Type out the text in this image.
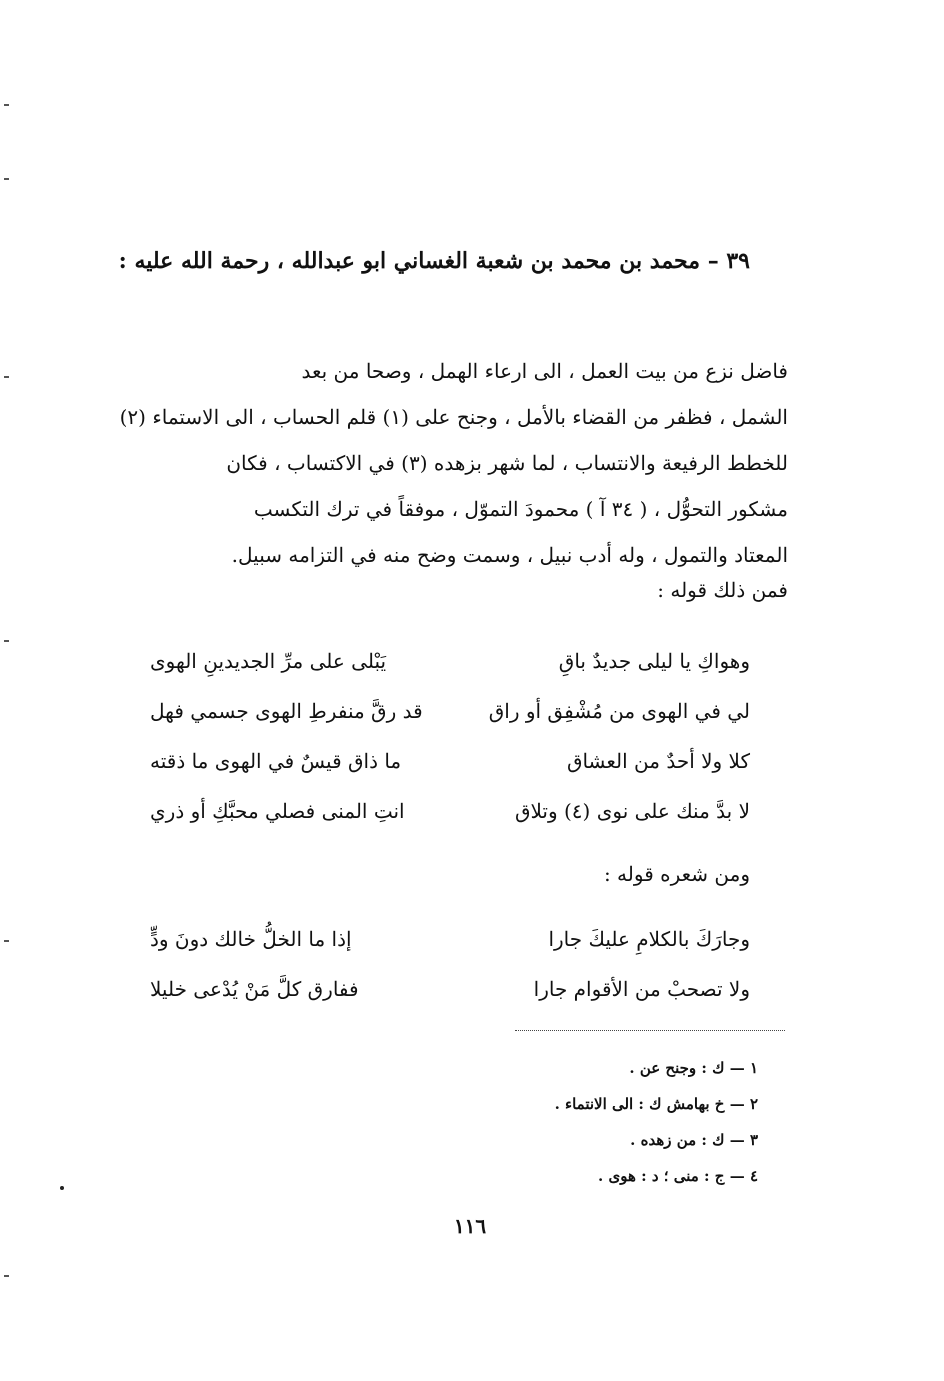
٣٩ – محمد بن محمد بن شعبة الغساني ابو عبدالله ، رحمة الله عليه :

فاضل نزع من بيت العمل ، الى ارعاء الهمل ، وصحا من بعد

الشمل ، فظفر من القضاء بالأمل ، وجنح على (١) قلم الحساب ، الى الاستماء (٢)

للخطط الرفيعة والانتساب ، لما شهر بزهده (٣) في الاكتساب ، فكان

مشكور التحوُّل ، ( ٣٤ آ ) محمودَ التموّل ، موفقاً في ترك التكسب

المعتاد والتمول ، وله أدب نبيل ، وسمت وضح منه في التزامه سبيل.

فمن ذلك قوله :
يَبْلى على مرِّ الجديدينِ الهوى	وهواكِ يا ليلى جديدٌ باقِ
قد رقَّ منفرطِ الهوى جسمي فهل	لي في الهوى من مُشْفِق أو راق
ما ذاق قيسٌ في الهوى ما ذقته	كلا ولا أحدٌ من العشاق
انتِ المنى فصلي محبَّكِ أو ذري	لا بدَّ منك على نوى (٤) وتلاق
ومن شعره قوله :
إذا ما الخلُّ خالك دونَ ودٍّ	وجارَكَ بالكلامِ عليكَ جارا
ففارق كلَّ مَنْ يُدْعى خليلا	ولا تصحبْ من الأقوام جارا
١ — ك : وجنح عن .
٢ — خ بهامش ك : الى الانتماء .
٣ — ك : من زهده .
٤ — ج : منى ؛ د : هوى .
١١٦
